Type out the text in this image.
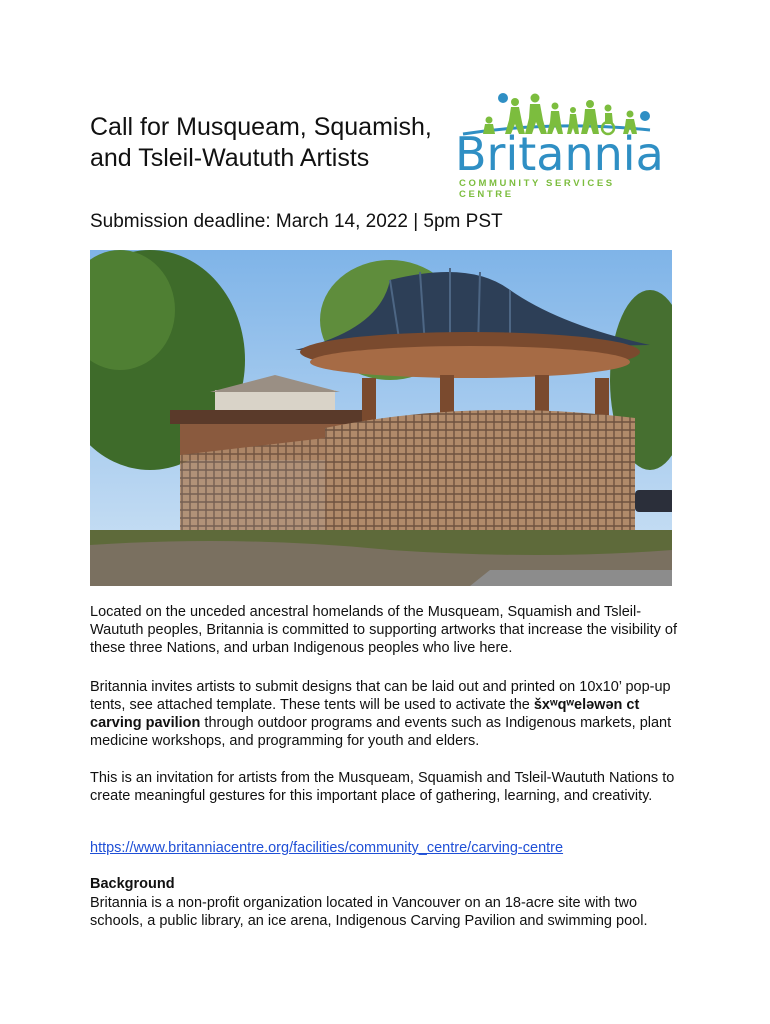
Call for Musqueam, Squamish,
and Tsleil-Waututh Artists	Britannia
COMMUNITY SERVICES CENTRE
Submission deadline: March 14, 2022 | 5pm PST
Located on the unceded ancestral homelands of the Musqueam, Squamish and Tsleil-Waututh peoples, Britannia is committed to supporting artworks that increase the visibility of these three Nations, and urban Indigenous peoples who live here.
Britannia invites artists to submit designs that can be laid out and printed on 10x10’ pop-up tents, see attached template. These tents will be used to activate the šxʷqʷeləwən ct carving pavilion through outdoor programs and events such as Indigenous markets, plant medicine workshops, and programming for youth and elders.
This is an invitation for artists from the Musqueam, Squamish and Tsleil-Waututh Nations to create meaningful gestures for this important place of gathering, learning, and creativity.
https://www.britanniacentre.org/facilities/community_centre/carving-centre
Background
Britannia is a non-profit organization located in Vancouver on an 18-acre site with two schools, a public library, an ice arena, Indigenous Carving Pavilion and swimming pool.
